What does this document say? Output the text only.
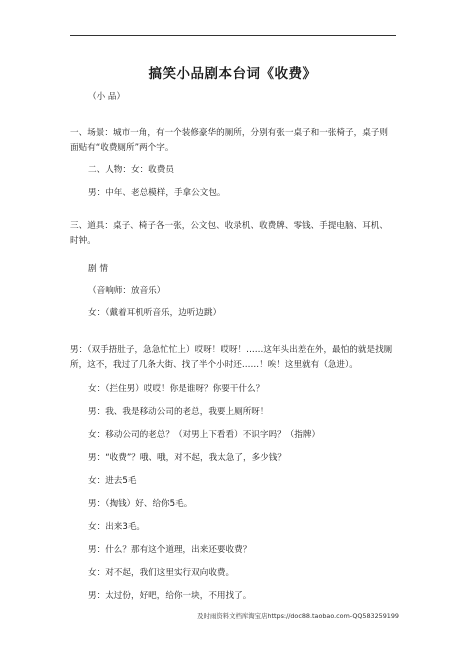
搞笑小品剧本台词《收费》
（小 品）
一、场景：城市一角，有一个装修豪华的厕所，分别有张一桌子和一张椅子，桌子则
面贴有“收费厕所”两个字。
二、人物：女：收费员
男：中年、老总模样，手拿公文包。
三、道具：桌子、椅子各一张，公文包、收录机、收费牌、零钱、手提电脑、耳机、
时钟。
剧 情
（音响师：放音乐）
女：（戴着耳机听音乐，边听边跳）
男：（双手捂肚子，急急忙忙上）哎呀！哎呀！……这年头出差在外，最怕的就是找厕
所，这不，我过了几条大街、找了半个小时还……！唉！这里就有（急进）。
女：（拦住男）哎哎！你是谁呀？你要干什么？
男：我、我是移动公司的老总，我要上厕所呀！
女：移动公司的老总？（对男上下看看）不识字吗？（指牌）
男：“收费”？哦、哦，对不起，我太急了，多少钱？
女：进去5毛
男：（掏钱）好、给你5毛。
女：出来3毛。
男：什么？那有这个道理，出来还要收费？
女：对不起，我们这里实行双向收费。
男：太过份，好吧，给你一块，不用找了。
及时雨资料文档库淘宝店https://doc88.taobao.com-QQ583259199
